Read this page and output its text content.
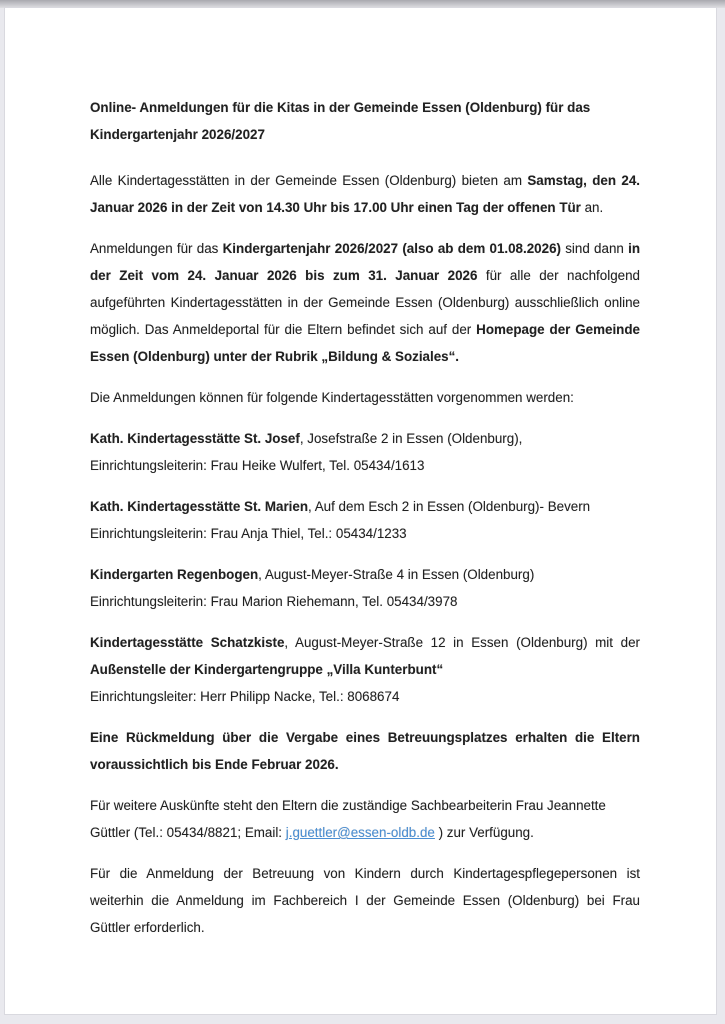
Online- Anmeldungen für die Kitas in der Gemeinde Essen (Oldenburg) für das Kindergartenjahr 2026/2027

Alle Kindertagesstätten in der Gemeinde Essen (Oldenburg) bieten am Samstag, den 24. Januar 2026 in der Zeit von 14.30 Uhr bis 17.00 Uhr einen Tag der offenen Tür an.

Anmeldungen für das Kindergartenjahr 2026/2027 (also ab dem 01.08.2026) sind dann in der Zeit vom 24. Januar 2026 bis zum 31. Januar 2026 für alle der nachfolgend aufgeführten Kindertagesstätten in der Gemeinde Essen (Oldenburg) ausschließlich online möglich. Das Anmeldeportal für die Eltern befindet sich auf der Homepage der Gemeinde Essen (Oldenburg) unter der Rubrik „Bildung & Soziales“.

Die Anmeldungen können für folgende Kindertagesstätten vorgenommen werden:

Kath. Kindertagesstätte St. Josef, Josefstraße 2 in Essen (Oldenburg),

Einrichtungsleiterin: Frau Heike Wulfert, Tel. 05434/1613

Kath. Kindertagesstätte St. Marien, Auf dem Esch 2 in Essen (Oldenburg)- Bevern

Einrichtungsleiterin: Frau Anja Thiel, Tel.: 05434/1233

Kindergarten Regenbogen, August-Meyer-Straße 4 in Essen (Oldenburg)

Einrichtungsleiterin: Frau Marion Riehemann, Tel. 05434/3978

Kindertagesstätte Schatzkiste, August-Meyer-Straße 12 in Essen (Oldenburg) mit der Außenstelle der Kindergartengruppe „Villa Kunterbunt“

Einrichtungsleiter: Herr Philipp Nacke, Tel.: 8068674

Eine Rückmeldung über die Vergabe eines Betreuungsplatzes erhalten die Eltern voraussichtlich bis Ende Februar 2026.

Für weitere Auskünfte steht den Eltern die zuständige Sachbearbeiterin Frau Jeannette Güttler (Tel.: 05434/8821; Email: j.guettler@essen-oldb.de ) zur Verfügung.

Für die Anmeldung der Betreuung von Kindern durch Kindertagespflegepersonen ist weiterhin die Anmeldung im Fachbereich I der Gemeinde Essen (Oldenburg) bei Frau Güttler erforderlich.
